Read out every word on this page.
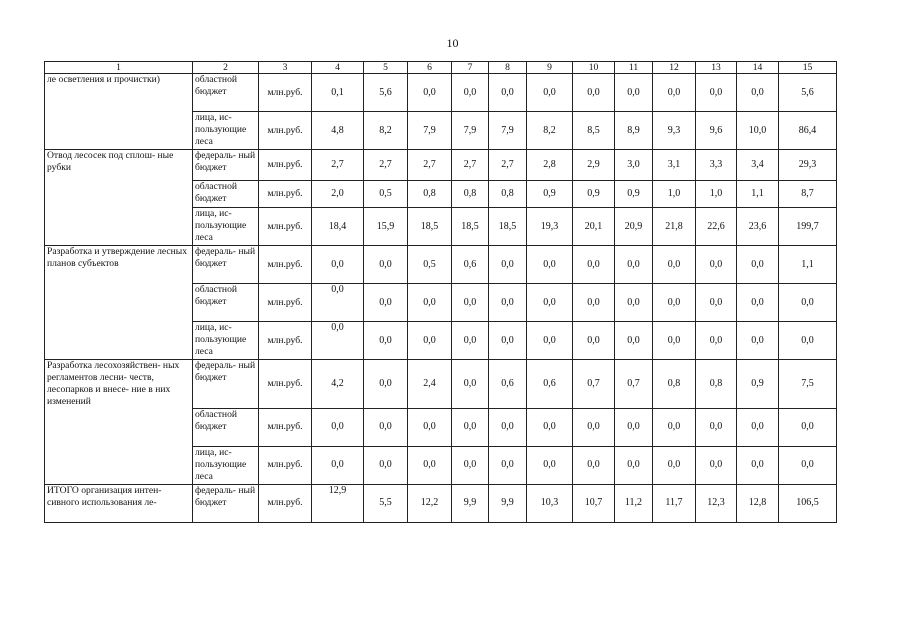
10
1	2	3	4	5	6	7	8	9	10	11	12	13	14	15
ле осветления и прочистки)	областной бюджет	млн.руб.	0,1	5,6	0,0	0,0	0,0	0,0	0,0	0,0	0,0	0,0	0,0	5,6
	лица, ис- пользующие леса	млн.руб.	4,8	8,2	7,9	7,9	7,9	8,2	8,5	8,9	9,3	9,6	10,0	86,4
Отвод лесосек под сплош- ные рубки	федераль- ный бюджет	млн.руб.	2,7	2,7	2,7	2,7	2,7	2,8	2,9	3,0	3,1	3,3	3,4	29,3
	областной бюджет	млн.руб.	2,0	0,5	0,8	0,8	0,8	0,9	0,9	0,9	1,0	1,0	1,1	8,7
	лица, ис- пользующие леса	млн.руб.	18,4	15,9	18,5	18,5	18,5	19,3	20,1	20,9	21,8	22,6	23,6	199,7
Разработка и утверждение лесных планов субъектов	федераль- ный бюджет	млн.руб.	0,0	0,0	0,5	0,6	0,0	0,0	0,0	0,0	0,0	0,0	0,0	1,1
	областной бюджет	млн.руб.	0,0	0,0	0,0	0,0	0,0	0,0	0,0	0,0	0,0	0,0	0,0	0,0
	лица, ис- пользующие леса	млн.руб.	0,0	0,0	0,0	0,0	0,0	0,0	0,0	0,0	0,0	0,0	0,0	0,0
Разработка лесохозяйствен- ных регламентов лесни- честв, лесопарков и внесе- ние в них изменений	федераль- ный бюджет	млн.руб.	4,2	0,0	2,4	0,0	0,6	0,6	0,7	0,7	0,8	0,8	0,9	7,5
	областной бюджет	млн.руб.	0,0	0,0	0,0	0,0	0,0	0,0	0,0	0,0	0,0	0,0	0,0	0,0
	лица, ис- пользующие леса	млн.руб.	0,0	0,0	0,0	0,0	0,0	0,0	0,0	0,0	0,0	0,0	0,0	0,0
ИТОГО организация интен- сивного использования ле-	федераль- ный бюджет	млн.руб.	12,9	5,5	12,2	9,9	9,9	10,3	10,7	11,2	11,7	12,3	12,8	106,5
